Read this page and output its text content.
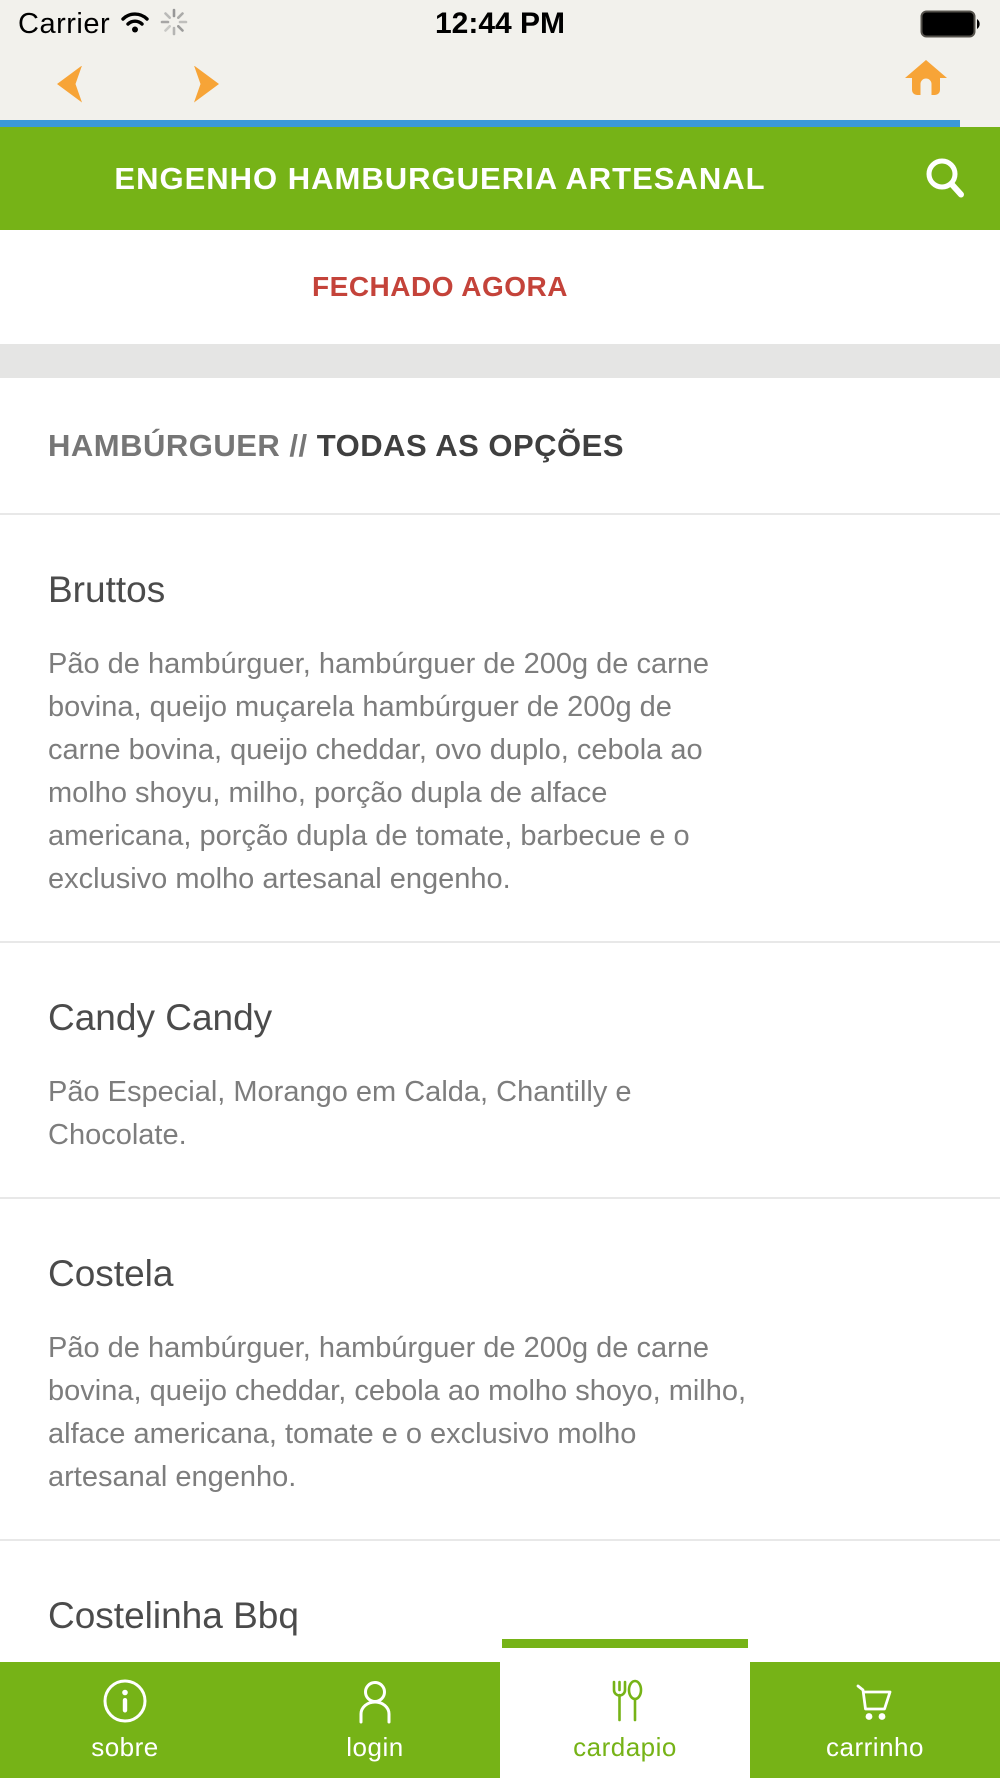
Carrier	12:44 PM
ENGENHO HAMBURGUERIA ARTESANAL
FECHADO AGORA
HAMBÚRGUER // TODAS AS OPÇÕES
Bruttos

Pão de hambúrguer, hambúrguer de 200g de carne bovina, queijo muçarela hambúrguer de 200g de carne bovina, queijo cheddar, ovo duplo, cebola ao molho shoyu, milho, porção dupla de alface americana, porção dupla de tomate, barbecue e o exclusivo molho artesanal engenho.

Candy Candy

Pão Especial, Morango em Calda, Chantilly e Chocolate.

Costela

Pão de hambúrguer, hambúrguer de 200g de carne bovina, queijo cheddar, cebola ao molho shoyo, milho, alface americana, tomate e o exclusivo molho artesanal engenho.

Costelinha Bbq
sobre	login	cardapio	carrinho
